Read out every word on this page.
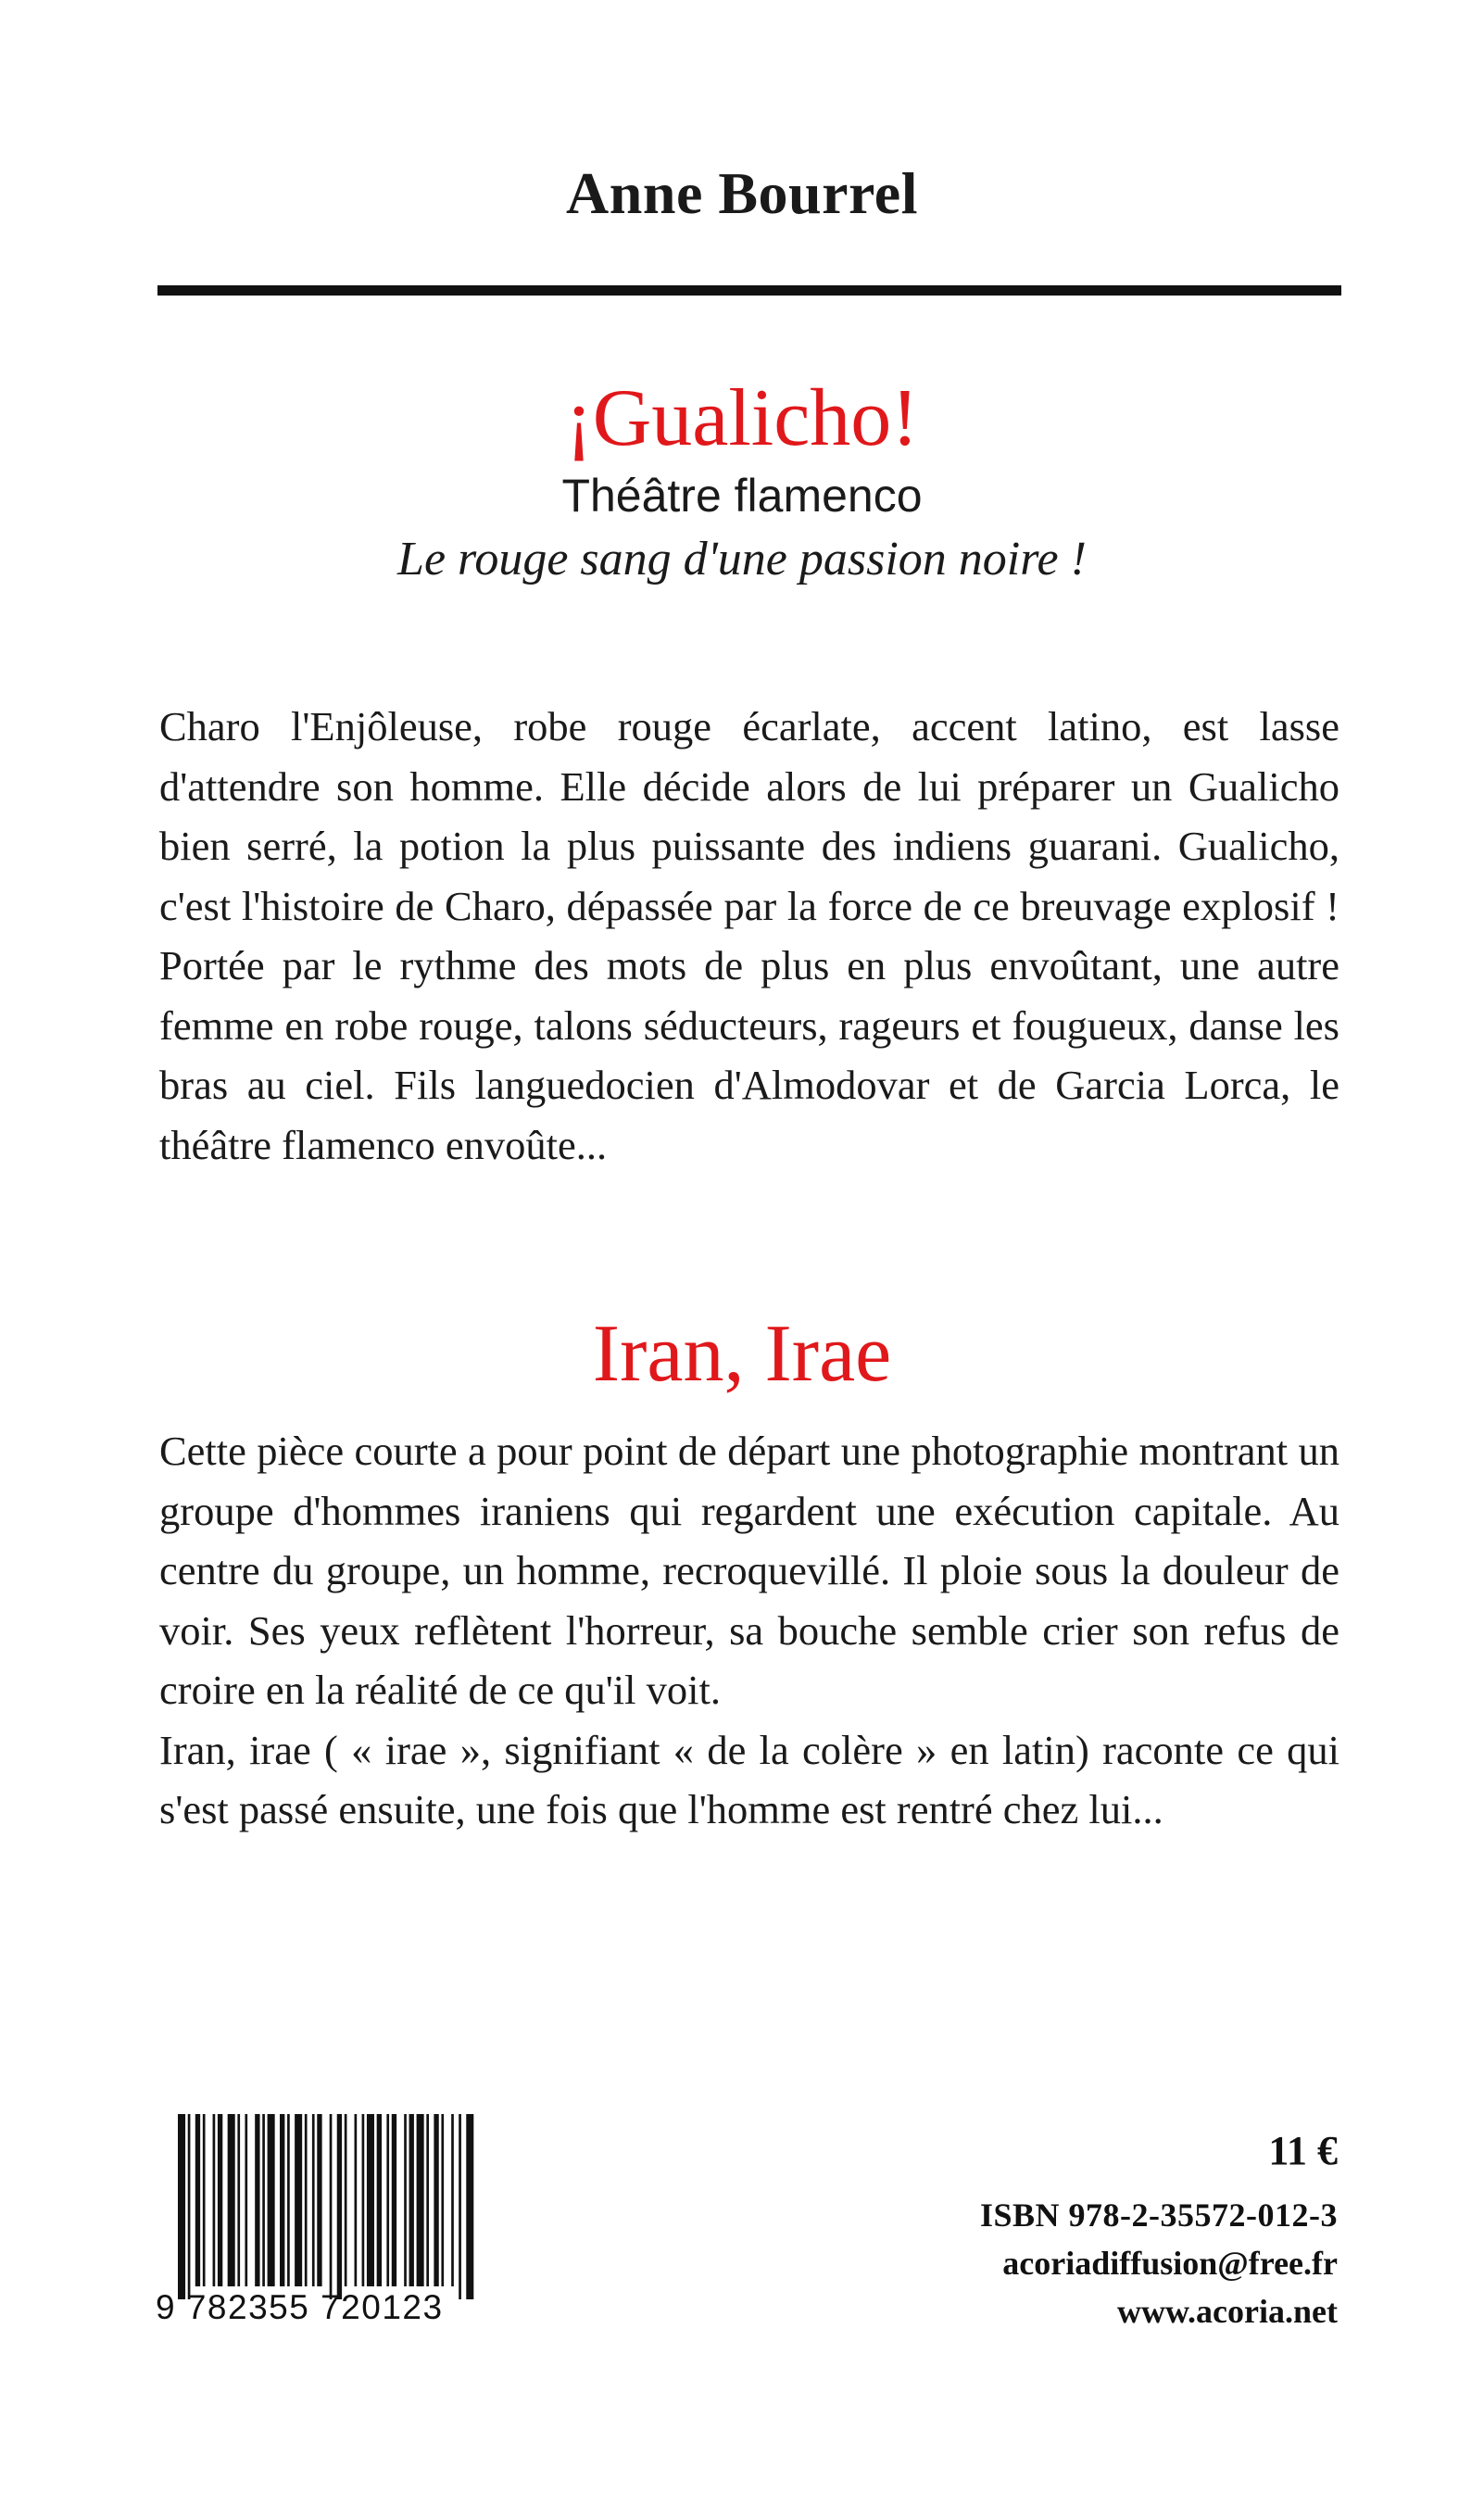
Anne Bourrel
¡Gualicho!
Théâtre flamenco
Le rouge sang d'une passion noire !

Charo l'Enjôleuse, robe rouge écarlate, accent latino, est lasse d'attendre son homme. Elle décide alors de lui préparer un Gualicho bien serré, la potion la plus puissante des indiens guarani. Gualicho, c'est l'histoire de Charo, dépassée par la force de ce breuvage explosif ! Portée par le rythme des mots de plus en plus envoûtant, une autre femme en robe rouge, talons séducteurs, rageurs et fougueux, danse les bras au ciel. Fils languedocien d'Almodovar et de Garcia Lorca, le théâtre flamenco envoûte...

Iran, Irae

Cette pièce courte a pour point de départ une photographie montrant un groupe d'hommes iraniens qui regardent une exécution capitale. Au centre du groupe, un homme, recroquevillé. Il ploie sous la douleur de voir. Ses yeux reflètent l'horreur, sa bouche semble crier son refus de croire en la réalité de ce qu'il voit.

Iran, irae ( « irae », signifiant « de la colère » en latin) raconte ce qui s'est passé ensuite, une fois que l'homme est rentré chez lui...

9 782355 720123
11 €
ISBN 978-2-35572-012-3
acoriadiffusion@free.fr
www.acoria.net
